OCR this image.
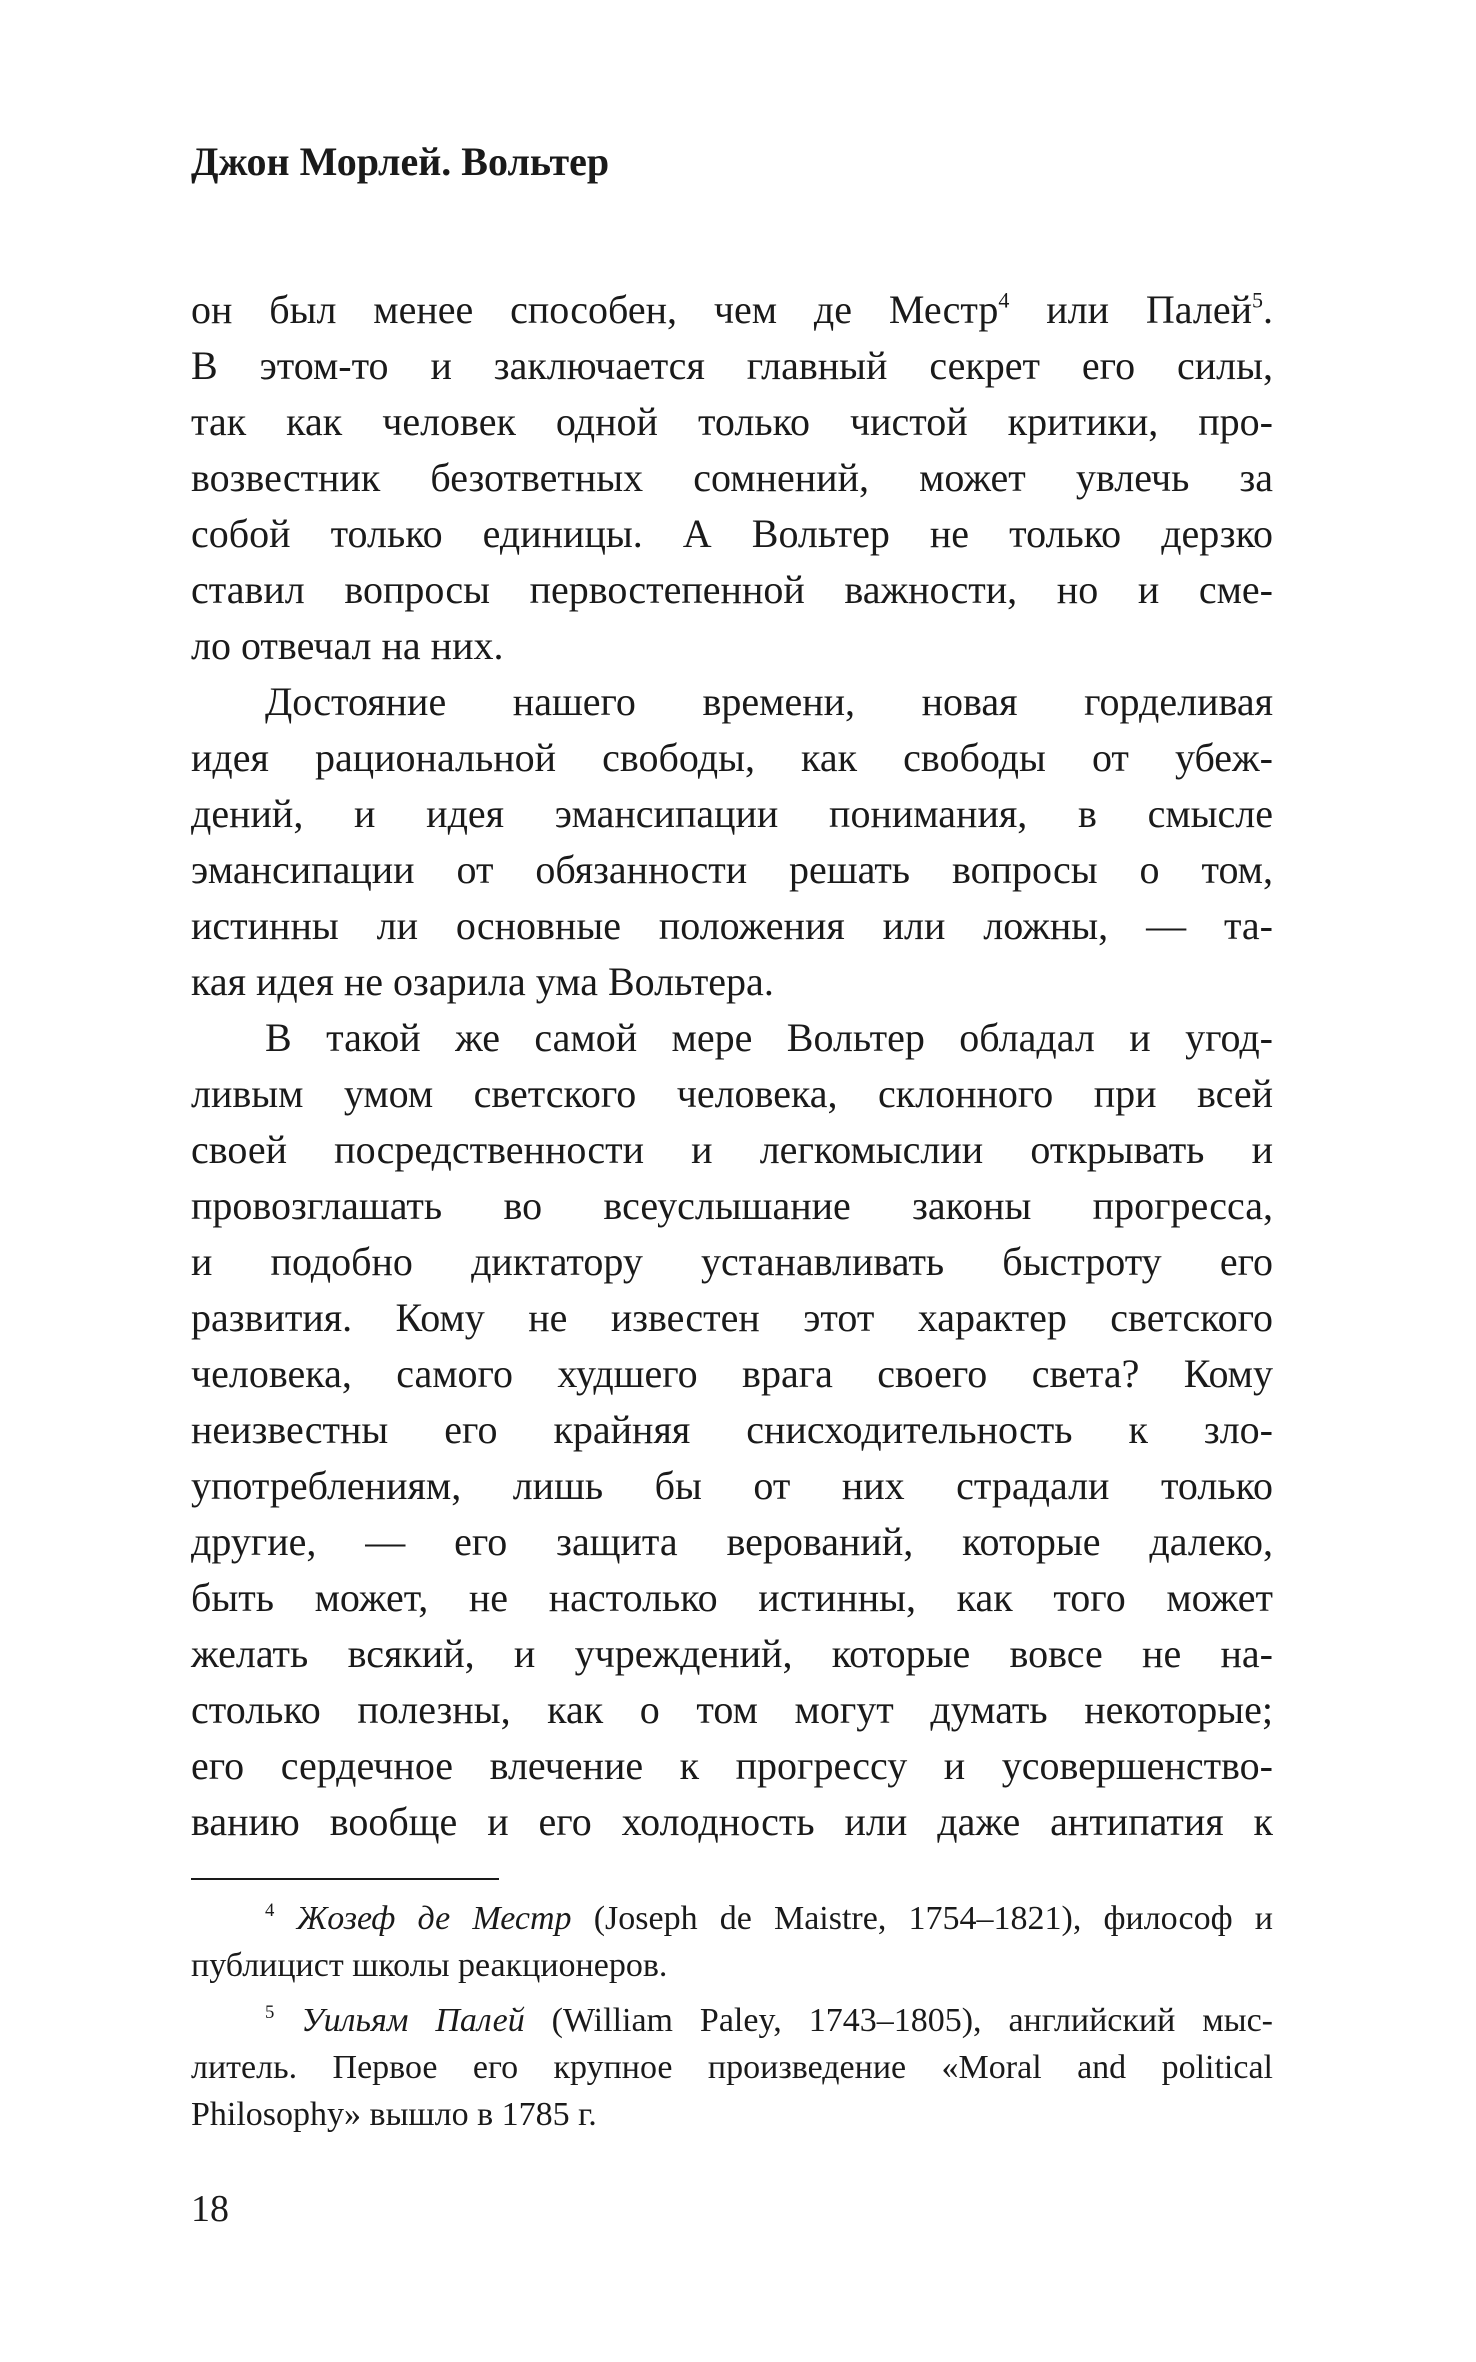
Джон Морлей. Вольтер
он был менее способен, чем де Местр$^4$ или Палей$^5$.
В этом-то и заключается главный секрет его силы,
так как человек одной только чистой критики, про-
возвестник безответных сомнений, может увлечь за
собой только единицы. А Вольтер не только дерзко
ставил вопросы первостепенной важности, но и сме-
ло отвечал на них.
Достояние нашего времени, новая горделивая
идея рациональной свободы, как свободы от убеж-
дений, и идея эмансипации понимания, в смысле
эмансипации от обязанности решать вопросы о том,
истинны ли основные положения или ложны, — та-
кая идея не озарила ума Вольтера.
В такой же самой мере Вольтер обладал и угод-
ливым умом светского человека, склонного при всей
своей посредственности и легкомыслии открывать и
провозглашать во всеуслышание законы прогресса,
и подобно диктатору устанавливать быстроту его
развития. Кому не известен этот характер светского
человека, самого худшего врага своего света? Кому
неизвестны его крайняя снисходительность к зло-
употреблениям, лишь бы от них страдали только
другие, — его защита верований, которые далеко,
быть может, не настолько истинны, как того может
желать всякий, и учреждений, которые вовсе не на-
столько полезны, как о том могут думать некоторые;
его сердечное влечение к прогрессу и усовершенство-
ванию вообще и его холодность или даже антипатия к
$^4$ Жозеф де Местр (Joseph de Maistre, 1754–1821), философ и
публицист школы реакционеров.
$^5$ Уильям Палей (William Paley, 1743–1805), английский мыс-
литель. Первое его крупное произведение «Moral and political
Philosophy» вышло в 1785 г.
18
